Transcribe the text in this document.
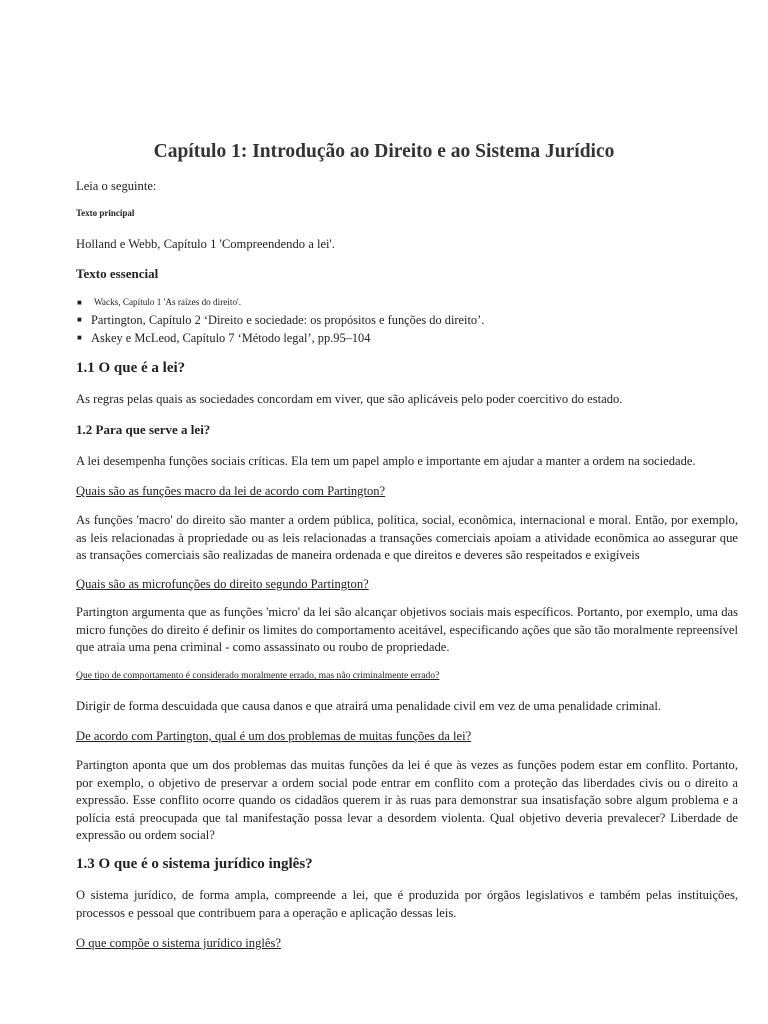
Capítulo 1: Introdução ao Direito e ao Sistema Jurídico

Leia o seguinte:

Texto principal

Holland e Webb, Capítulo 1 'Compreendendo a lei'.

Texto essencial

■ Wacks, Capítulo 1 'As raízes do direito'.
■ Partington, Capítulo 2 ‘Direito e sociedade: os propósitos e funções do direito’.
■ Askey e McLeod, Capítulo 7 ‘Método legal’, pp.95–104
1.1 O que é a lei?

As regras pelas quais as sociedades concordam em viver, que são aplicáveis pelo poder coercitivo do estado.

1.2 Para que serve a lei?

A lei desempenha funções sociais críticas. Ela tem um papel amplo e importante em ajudar a manter a ordem na sociedade.

Quais são as funções macro da lei de acordo com Partington?

As funções 'macro' do direito são manter a ordem pública, política, social, econômica, internacional e moral. Então, por exemplo, as leis relacionadas à propriedade ou as leis relacionadas a transações comerciais apoiam a atividade econômica ao assegurar que as transações comerciais são realizadas de maneira ordenada e que direitos e deveres são respeitados e exigíveis

Quais são as microfunções do direito segundo Partington?

Partington argumenta que as funções 'micro' da lei são alcançar objetivos sociais mais específicos. Portanto, por exemplo, uma das micro funções do direito é definir os limites do comportamento aceitável, especificando ações que são tão moralmente repreensível que atraia uma pena criminal - como assassinato ou roubo de propriedade.

Que tipo de comportamento é considerado moralmente errado, mas não criminalmente errado?

Dirigir de forma descuidada que causa danos e que atrairá uma penalidade civil em vez de uma penalidade criminal.

De acordo com Partington, qual é um dos problemas de muitas funções da lei?

Partington aponta que um dos problemas das muitas funções da lei é que às vezes as funções podem estar em conflito. Portanto, por exemplo, o objetivo de preservar a ordem social pode entrar em conflito com a proteção das liberdades civis ou o direito a expressão. Esse conflito ocorre quando os cidadãos querem ir às ruas para demonstrar sua insatisfação sobre algum problema e a polícia está preocupada que tal manifestação possa levar a desordem violenta. Qual objetivo deveria prevalecer? Liberdade de expressão ou ordem social?

1.3 O que é o sistema jurídico inglês?

O sistema jurídico, de forma ampla, compreende a lei, que é produzida por órgãos legislativos e também pelas instituições, processos e pessoal que contribuem para a operação e aplicação dessas leis.

O que compõe o sistema jurídico inglês?
